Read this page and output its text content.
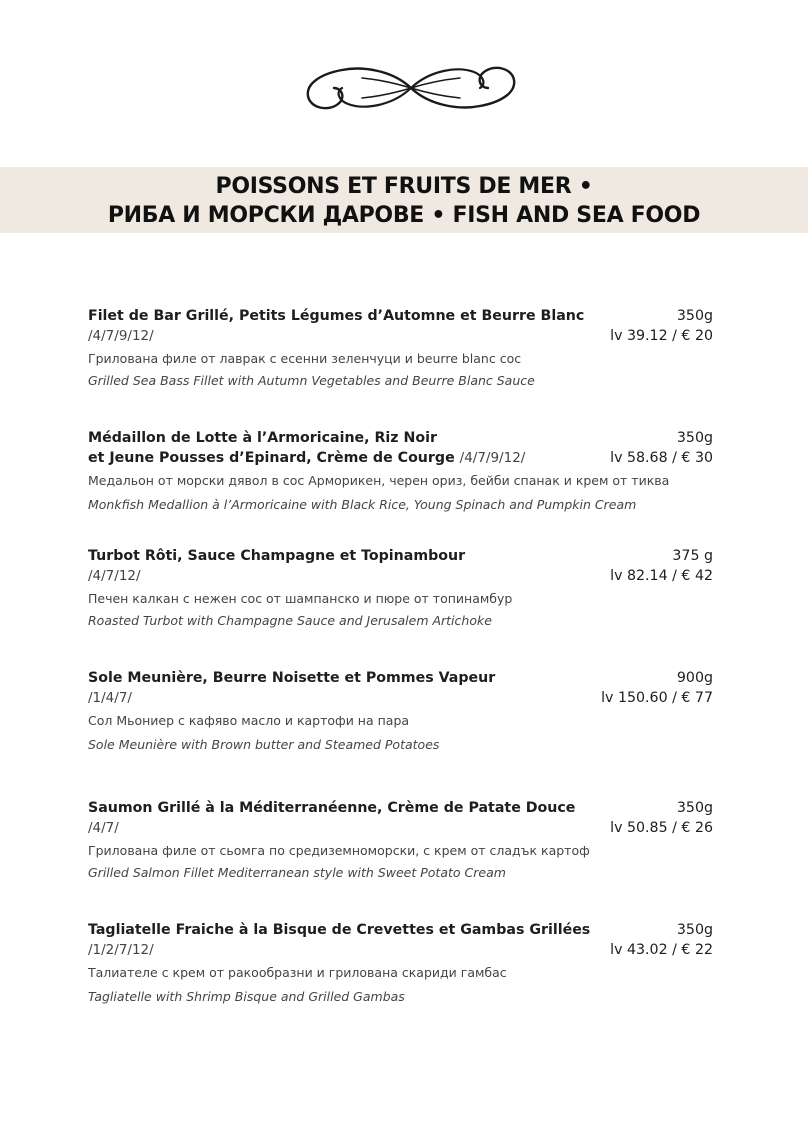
POISSONS ET FRUITS DE MER •
РИБА И МОРСКИ ДАРОВЕ • FISH AND SEA FOOD
Filet de Bar Grillé, Petits Légumes d’Automne et Beurre Blanc	350g
/4/7/9/12/	lv 39.12 / € 20
Грилована филе от лаврак с есенни зеленчуци и beurre blanc сос
Grilled Sea Bass Fillet with Autumn Vegetables and Beurre Blanc Sauce
Médaillon de Lotte à l’Armoricaine, Riz Noir	350g
et Jeune Pousses d’Epinard, Crème de Courge /4/7/9/12/	lv 58.68 / € 30
Медальон от морски дявол в сос Арморикен, черен ориз, бейби спанак и крем от тиква
Monkfish Medallion à l’Armoricaine with Black Rice, Young Spinach and Pumpkin Cream
Turbot Rôti, Sauce Champagne et Topinambour	375 g
/4/7/12/	lv 82.14 / € 42
Печен калкан с нежен сос от шампанско и пюре от топинамбур
Roasted Turbot with Champagne Sauce and Jerusalem Artichoke
Sole Meunière, Beurre Noisette et Pommes Vapeur	900g
/1/4/7/	lv 150.60 / € 77
Сол Мьониер с кафяво масло и картофи на пара
Sole Meunière with Brown butter and Steamed Potatoes
Saumon Grillé à la Méditerranéenne, Crème de Patate Douce	350g
/4/7/	lv 50.85 / € 26
Грилована филе от сьомга по средиземноморски, с крем от сладък картоф
Grilled Salmon Fillet Mediterranean style with Sweet Potato Cream
Tagliatelle Fraiche à la Bisque de Crevettes et Gambas Grillées	350g
/1/2/7/12/	lv 43.02 / € 22
Талиателе с крем от ракообразни и грилована скариди гамбас
Tagliatelle with Shrimp Bisque and Grilled Gambas
